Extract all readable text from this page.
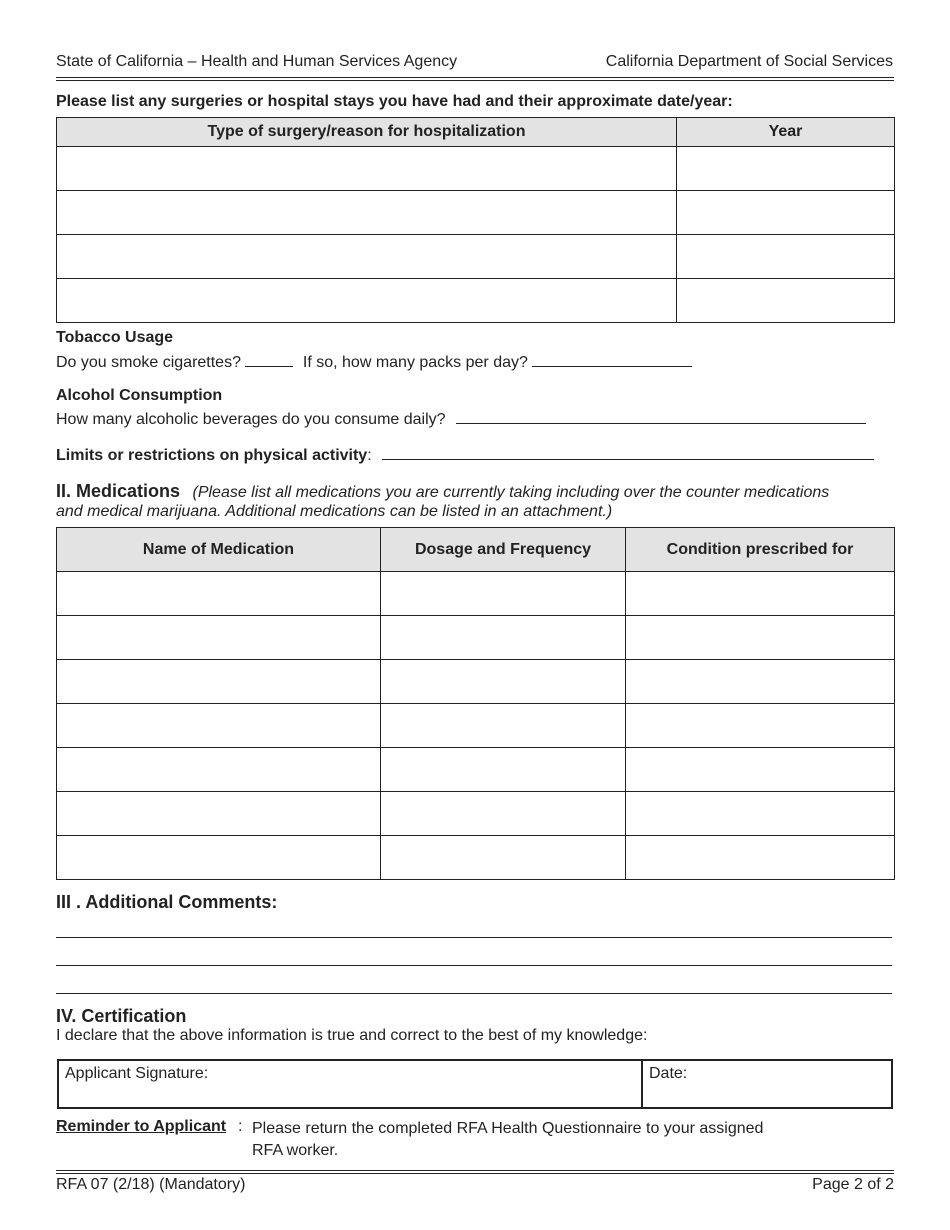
State of California – Health and Human Services Agency	California Department of Social Services
Please list any surgeries or hospital stays you have had and their approximate date/year:
Type of surgery/reason for hospitalization	Year

Tobacco Usage
Do you smoke cigarettes?	If so, how many packs per day?
Alcohol Consumption
How many alcoholic beverages do you consume daily?
Limits or restrictions on physical activity:
II. Medications (Please list all medications you are currently taking including over the counter medications
and medical marijuana. Additional medications can be listed in an attachment.)
Name of Medication	Dosage and Frequency	Condition prescribed for

III . Additional Comments:
IV. Certification
I declare that the above information is true and correct to the best of my knowledge:
Applicant Signature:	Date:
Reminder to Applicant : Please return the completed RFA Health Questionnaire to your assigned
RFA worker.
RFA 07 (2/18) (Mandatory)	Page 2 of 2
